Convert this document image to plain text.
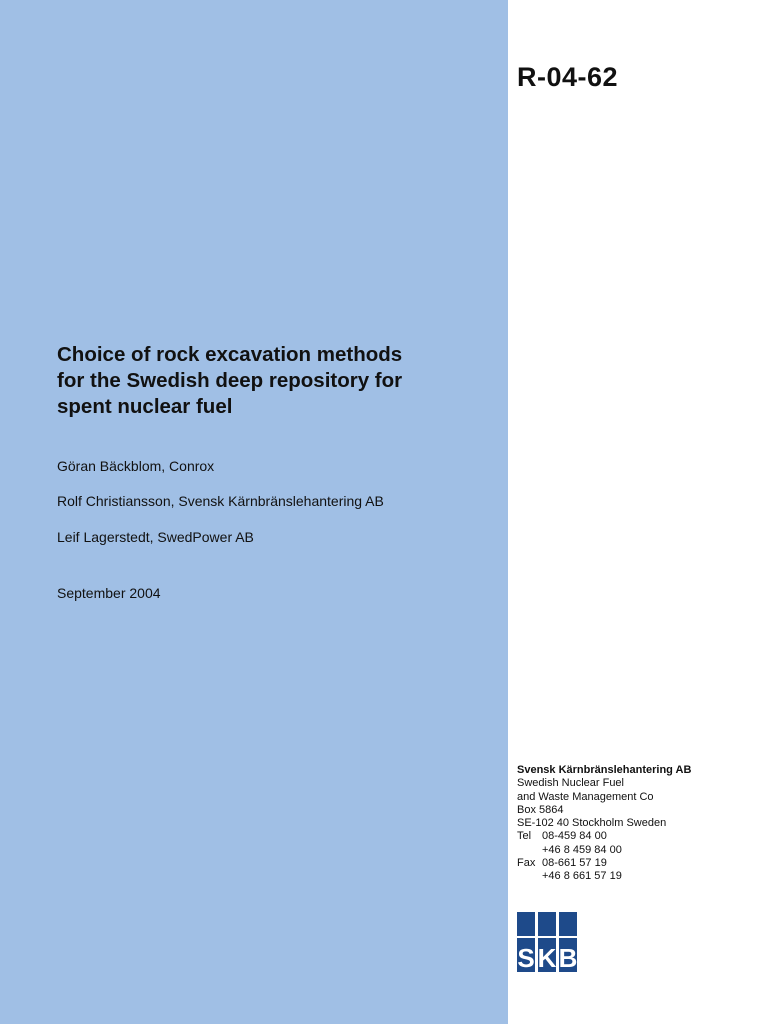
R-04-62
Choice of rock excavation methods
for the Swedish deep repository for
spent nuclear fuel
Göran Bäckblom, Conrox
Rolf Christiansson, Svensk Kärnbränslehantering AB
Leif Lagerstedt, SwedPower AB
September 2004
Svensk Kärnbränslehantering AB
Swedish Nuclear Fuel
and Waste Management Co
Box 5864
SE-102 40 Stockholm Sweden
Tel 08-459 84 00
+46 8 459 84 00
Fax 08-661 57 19
+46 8 661 57 19
S K B
